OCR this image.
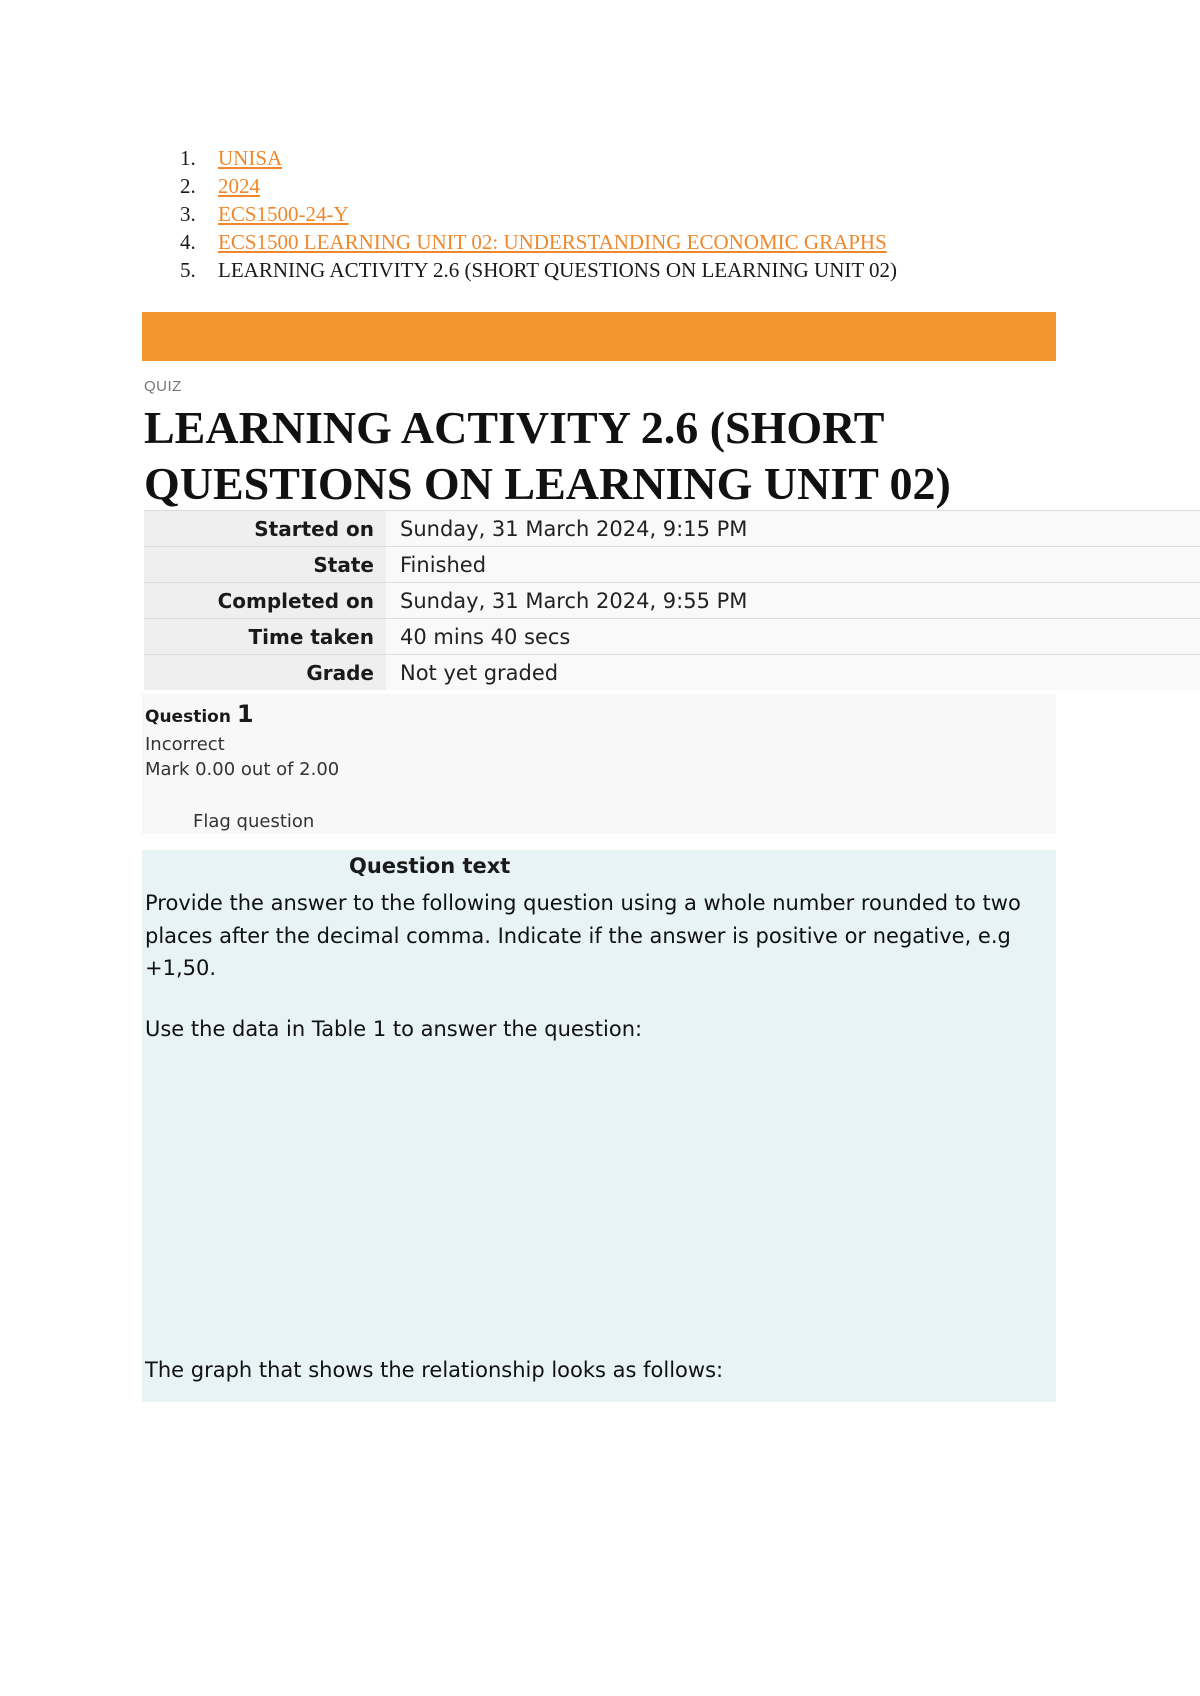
1.	UNISA
2.	2024
3.	ECS1500-24-Y
4.	ECS1500 LEARNING UNIT 02: UNDERSTANDING ECONOMIC GRAPHS
5.	LEARNING ACTIVITY 2.6 (SHORT QUESTIONS ON LEARNING UNIT 02)
QUIZ
LEARNING ACTIVITY 2.6 (SHORT QUESTIONS ON LEARNING UNIT 02)
Started on	Sunday, 31 March 2024, 9:15 PM
State	Finished
Completed on	Sunday, 31 March 2024, 9:55 PM
Time taken	40 mins 40 secs
Grade	Not yet graded
Question 1
Incorrect
Mark 0.00 out of 2.00
Flag question
Question text

Provide the answer to the following question using a whole number rounded to two places after the decimal comma. Indicate if the answer is positive or negative, e.g +1,50.

Use the data in Table 1 to answer the question:
The graph that shows the relationship looks as follows:
